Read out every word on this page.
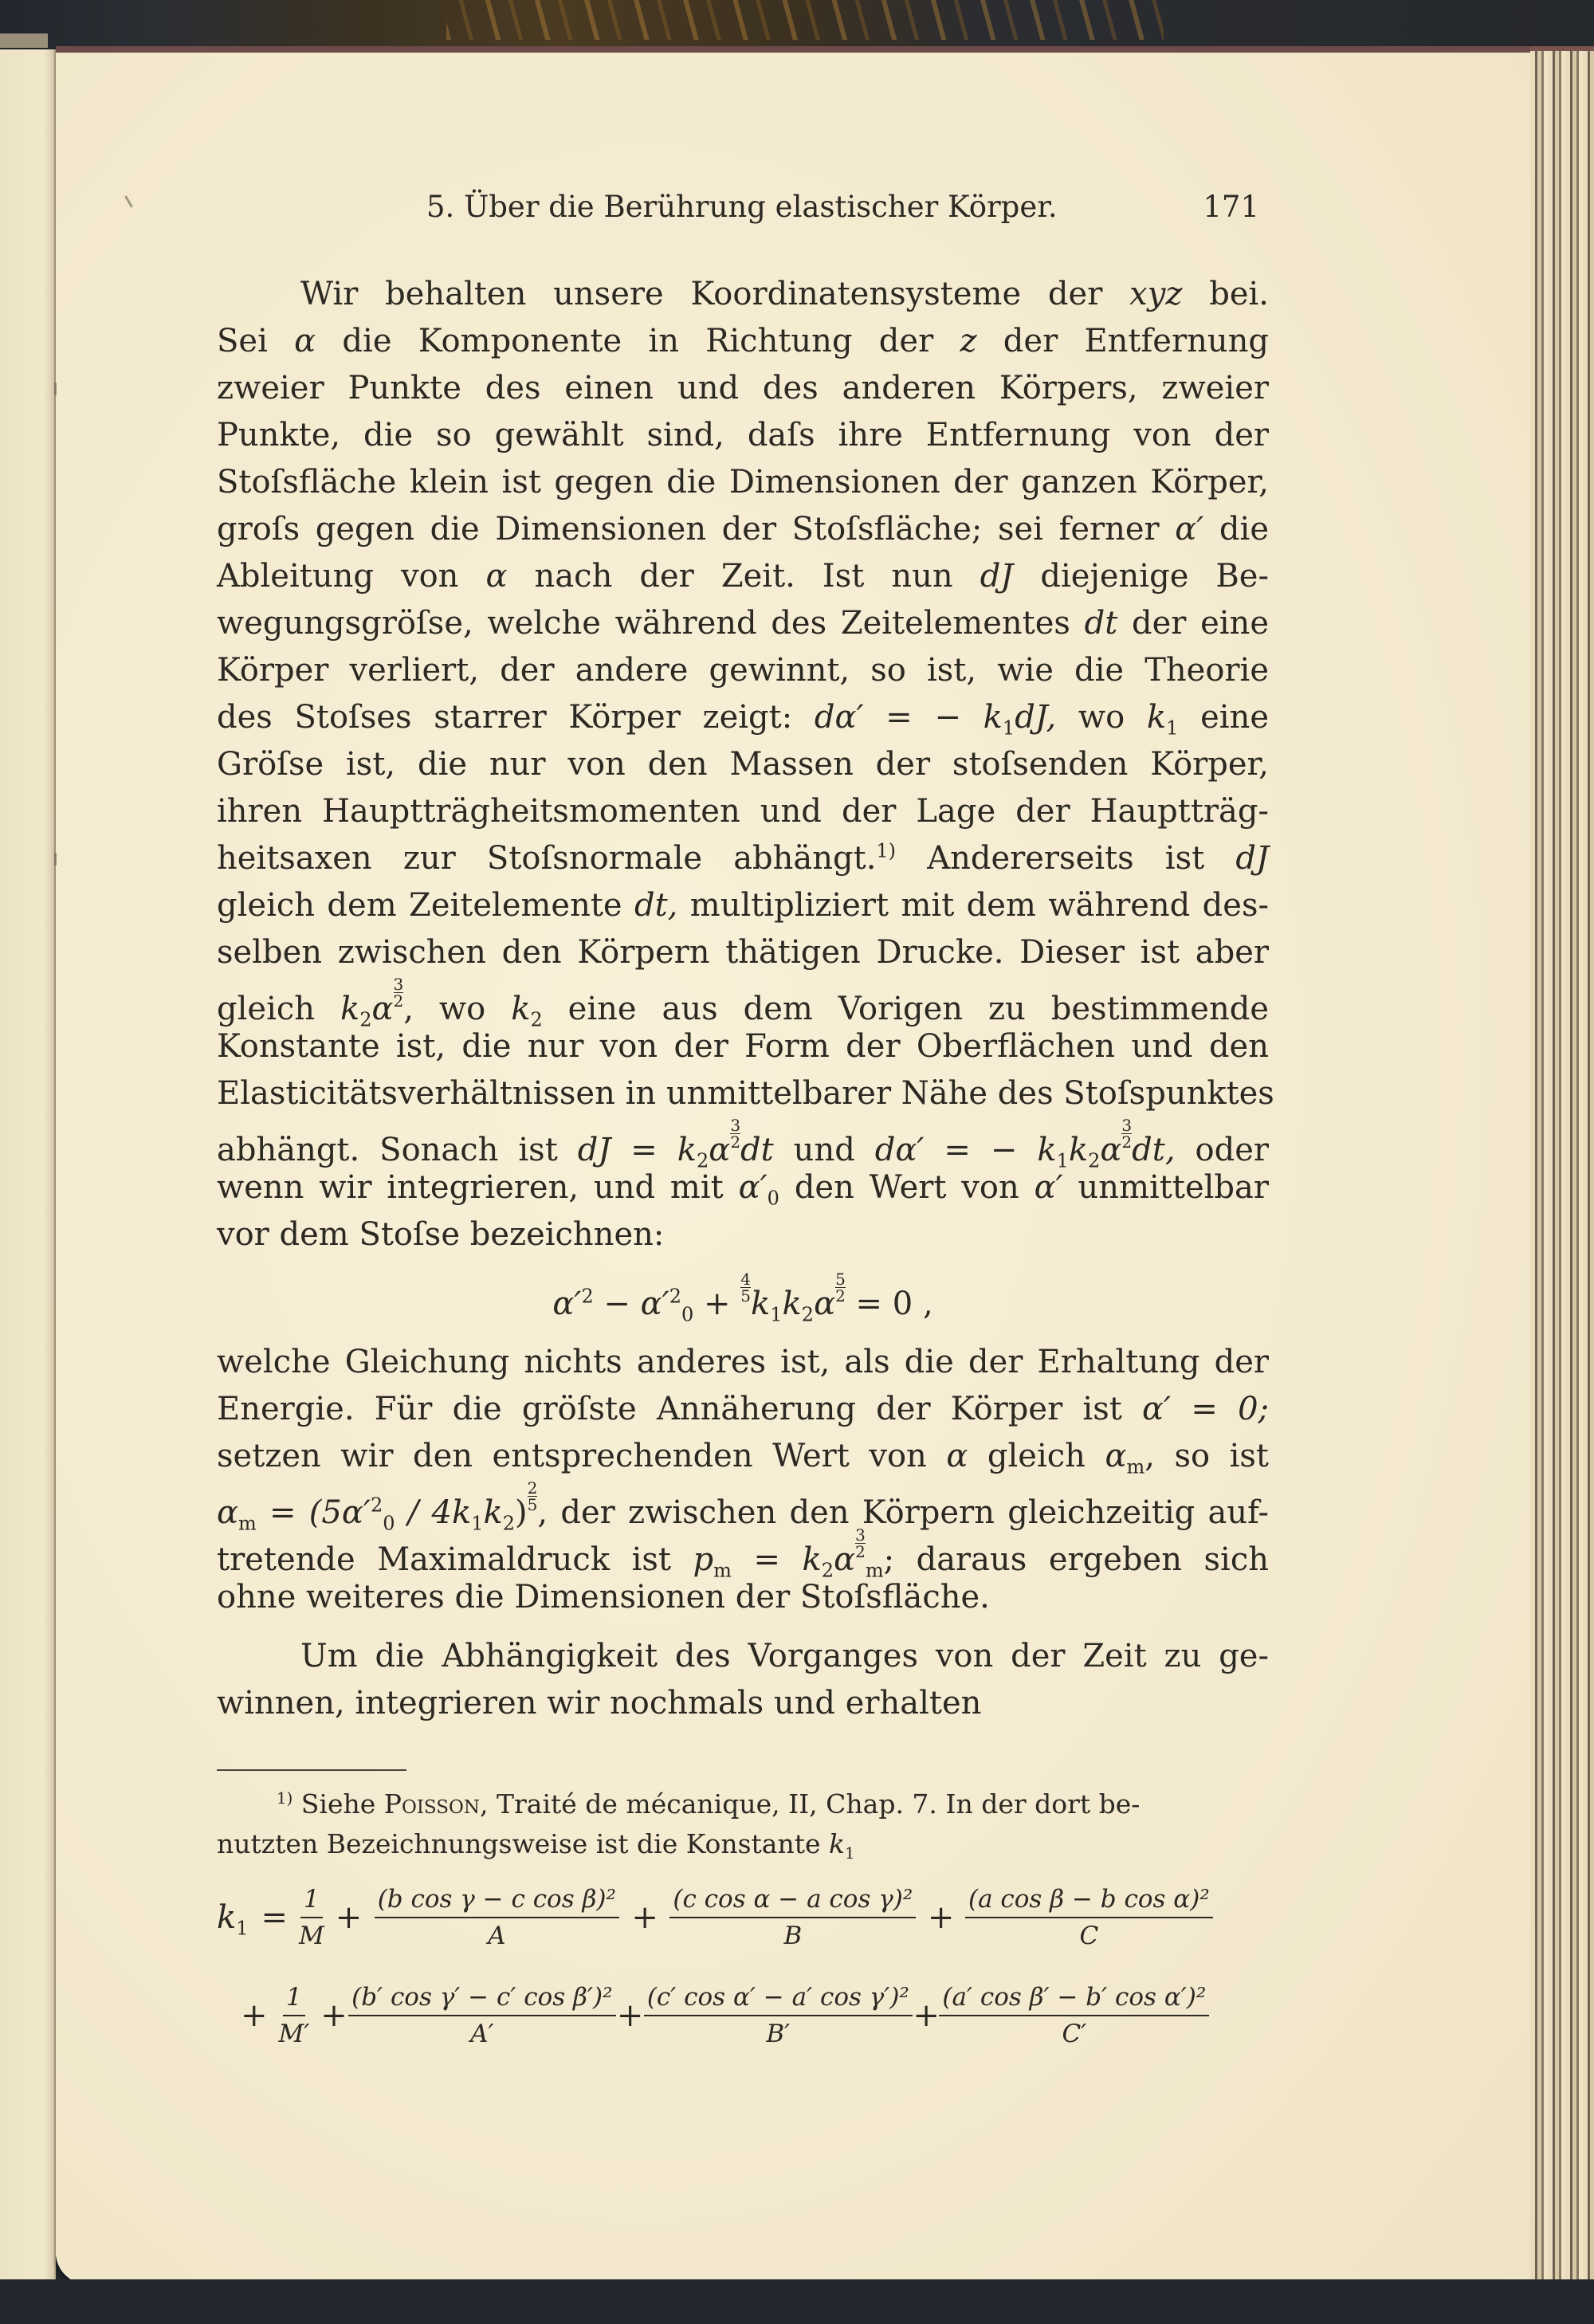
5. Über die Berührung elastischer Körper.	171
Wir behalten unsere Koordinatensysteme der xyz bei.
Sei α die Komponente in Richtung der z der Entfernung
zweier Punkte des einen und des anderen Körpers, zweier
Punkte, die so gewählt sind, daſs ihre Entfernung von der
Stoſsfläche klein ist gegen die Dimensionen der ganzen Körper,
groſs gegen die Dimensionen der Stoſsfläche; sei ferner α′ die
Ableitung von α nach der Zeit. Ist nun dJ diejenige Be-
wegungsgröſse, welche während des Zeitelementes dt der eine
Körper verliert, der andere gewinnt, so ist, wie die Theorie
des Stoſses starrer Körper zeigt: dα′ = − $k_1dJ$, wo $k_1$ eine
Gröſse ist, die nur von den Massen der stoſsenden Körper,
ihren Hauptträgheitsmomenten und der Lage der Hauptträg-
heitsaxen zur Stoſsnormale abhängt.$^{1)}$ Andererseits ist dJ
gleich dem Zeitelemente dt, multipliziert mit dem während des-
selben zwischen den Körpern thätigen Drucke. Dieser ist aber
gleich $k_2\alpha \frac{3}{2}$ , wo $k_2$ eine aus dem Vorigen zu bestimmende
Konstante ist, die nur von der Form der Oberflächen und den
Elasticitätsverhältnissen in unmittelbarer Nähe des Stoſspunktes
abhängt. Sonach ist dJ = $k_2\alpha \frac{3}{2}$ dt und dα′ = − $k_1k_2\alpha \frac{3}{2}$ dt, oder
wenn wir integrieren, und mit $\alpha'_0$ den Wert von α′ unmittelbar
vor dem Stoſse bezeichnen:
$\alpha'^2 - \alpha'^2_0 + \frac{4}{5} k_1k_2\alpha \frac{5}{2} = 0$ ,
welche Gleichung nichts anderes ist, als die der Erhaltung der
Energie. Für die gröſste Annäherung der Körper ist α′ = 0;
setzen wir den entsprechenden Wert von α gleich $\alpha_m$, so ist
$\alpha_m = (5\alpha'^2_0 / 4k_1k_2) \frac{2}{5}$ , der zwischen den Körpern gleichzeitig auf-
tretende Maximaldruck ist $p_m = k_2\alpha \frac{3}{2}$
$_m$; daraus ergeben sich
ohne weiteres die Dimensionen der Stoſsfläche.
Um die Abhängigkeit des Vorganges von der Zeit zu ge-
winnen, integrieren wir nochmals und erhalten
$^{1)}$ Siehe Poisson, Traité de mécanique, II, Chap. 7. In der dort be-
nutzten Bezeichnungsweise ist die Konstante $k_1$
$k_1 = \frac{1}{M} + \frac{\text{(b cos γ − c cos β)²}}{A} + \frac{\text{(c cos α − a cos γ)²}}{B} + \frac{\text{(a cos β − b cos α)²}}{C}$
+ $\frac{1}{M'} + \frac{\text{(b′ cos γ′ − c′ cos β′)²}}{A'} + \frac{\text{(c′ cos α′ − a′ cos γ′)²}}{B'} + \frac{\text{(a′ cos β′ − b′ cos α′)²}}{C'}$
